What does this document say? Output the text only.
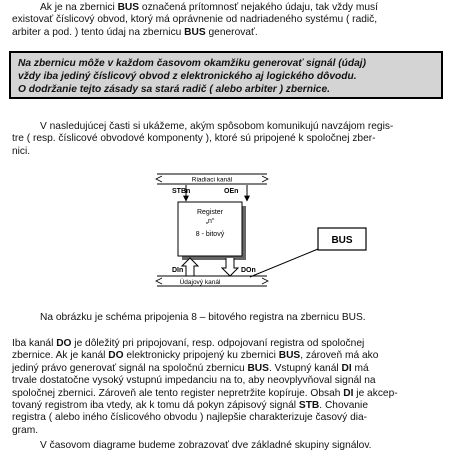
Ak je na zbernici BUS označená prítomnosť nejakého údaju, tak vždy musí
existovať číslicový obvod, ktorý má oprávnenie od nadriadeného systému ( radič,
arbiter a pod. ) tento údaj na zbernicu BUS generovať.
Na zbernicu môže v každom časovom okamžiku generovať signál (údaj)
vždy iba jediný číslicový obvod z elektronického aj logického dôvodu.
O dodržanie tejto zásady sa stará radič ( alebo arbiter ) zbernice.
V nasledujúcej časti si ukážeme, akým spôsobom komunikujú navzájom regis-
tre ( resp. číslicové obvodové komponenty ), ktoré sú pripojené k spoločnej zber-
nici.
Riadiaci kanál
STBn	OEn
Register
„n“
8 - bitový
DIn	DOn
Údajový kanál
BUS
Na obrázku je schéma pripojenia 8 – bitového registra na zbernicu BUS.
Iba kanál DO je dôležitý pri pripojovaní, resp. odpojovaní registra od spoločnej
zbernice. Ak je kanál DO elektronicky pripojený ku zbernici BUS, zároveň má ako
jediný právo generovať signál na spoločnú zbernicu BUS. Vstupný kanál DI má
trvale dostatočne vysoký vstupnú impedanciu na to, aby neovplyvňoval signál na
spoločnej zbernici. Zároveň ale tento register nepretržite kopíruje. Obsah DI je akcep-
tovaný registrom iba vtedy, ak k tomu dá pokyn zápisový signál STB. Chovanie
registra ( alebo iného číslicového obvodu ) najlepšie charakterizuje časový dia-
gram.
V časovom diagrame budeme zobrazovať dve základné skupiny signálov.
